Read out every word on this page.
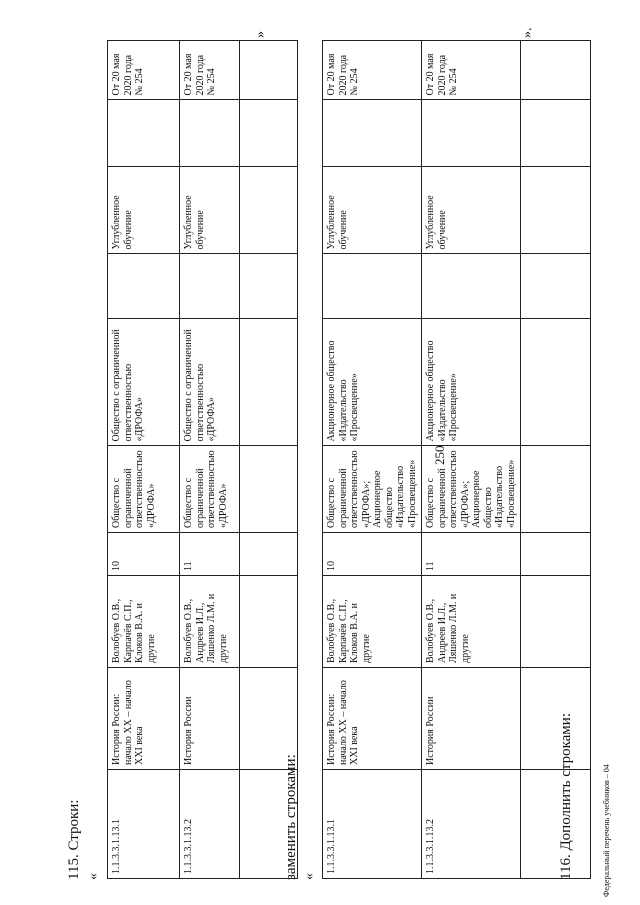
250
115. Строки: «
1.1.3.3.1.13.1	История России: начало XX – начало XXI века	Волобуев О.В., Карпачёв С.П., Клоков В.А. и другие	10	Общество с ограниченной ответственностью «ДРОФА»	Общество с ограниченной ответственностью «ДРОФА»		Углубленное обучение		От 20 мая 2020 года № 254
1.1.3.3.1.13.2	История России	Волобуев О.В., Андреев И.Л., Ляшенко Л.М. и другие	11	Общество с ограниченной ответственностью «ДРОФА»	Общество с ограниченной ответственностью «ДРОФА»		Углубленное обучение		От 20 мая 2020 года № 254

»
заменить строками: «
1.1.3.3.1.13.1	История России: начало XX – начало XXI века	Волобуев О.В., Карпачёв С.П., Клоков В.А. и другие	10	Общество с ограниченной ответственностью «ДРОФА»; Акционерное общество «Издательство «Просвещение»	Акционерное общество «Издательство «Просвещение»		Углубленное обучение		От 20 мая 2020 года № 254
1.1.3.3.1.13.2	История России	Волобуев О.В., Андреев И.Л., Ляшенко Л.М. и другие	11	Общество с ограниченной ответственностью «ДРОФА»; Акционерное общество «Издательство «Просвещение»	Акционерное общество «Издательство «Просвещение»		Углубленное обучение		От 20 мая 2020 года № 254

».
116. Дополнить строками:	Федеральный перечень учебников – 04
